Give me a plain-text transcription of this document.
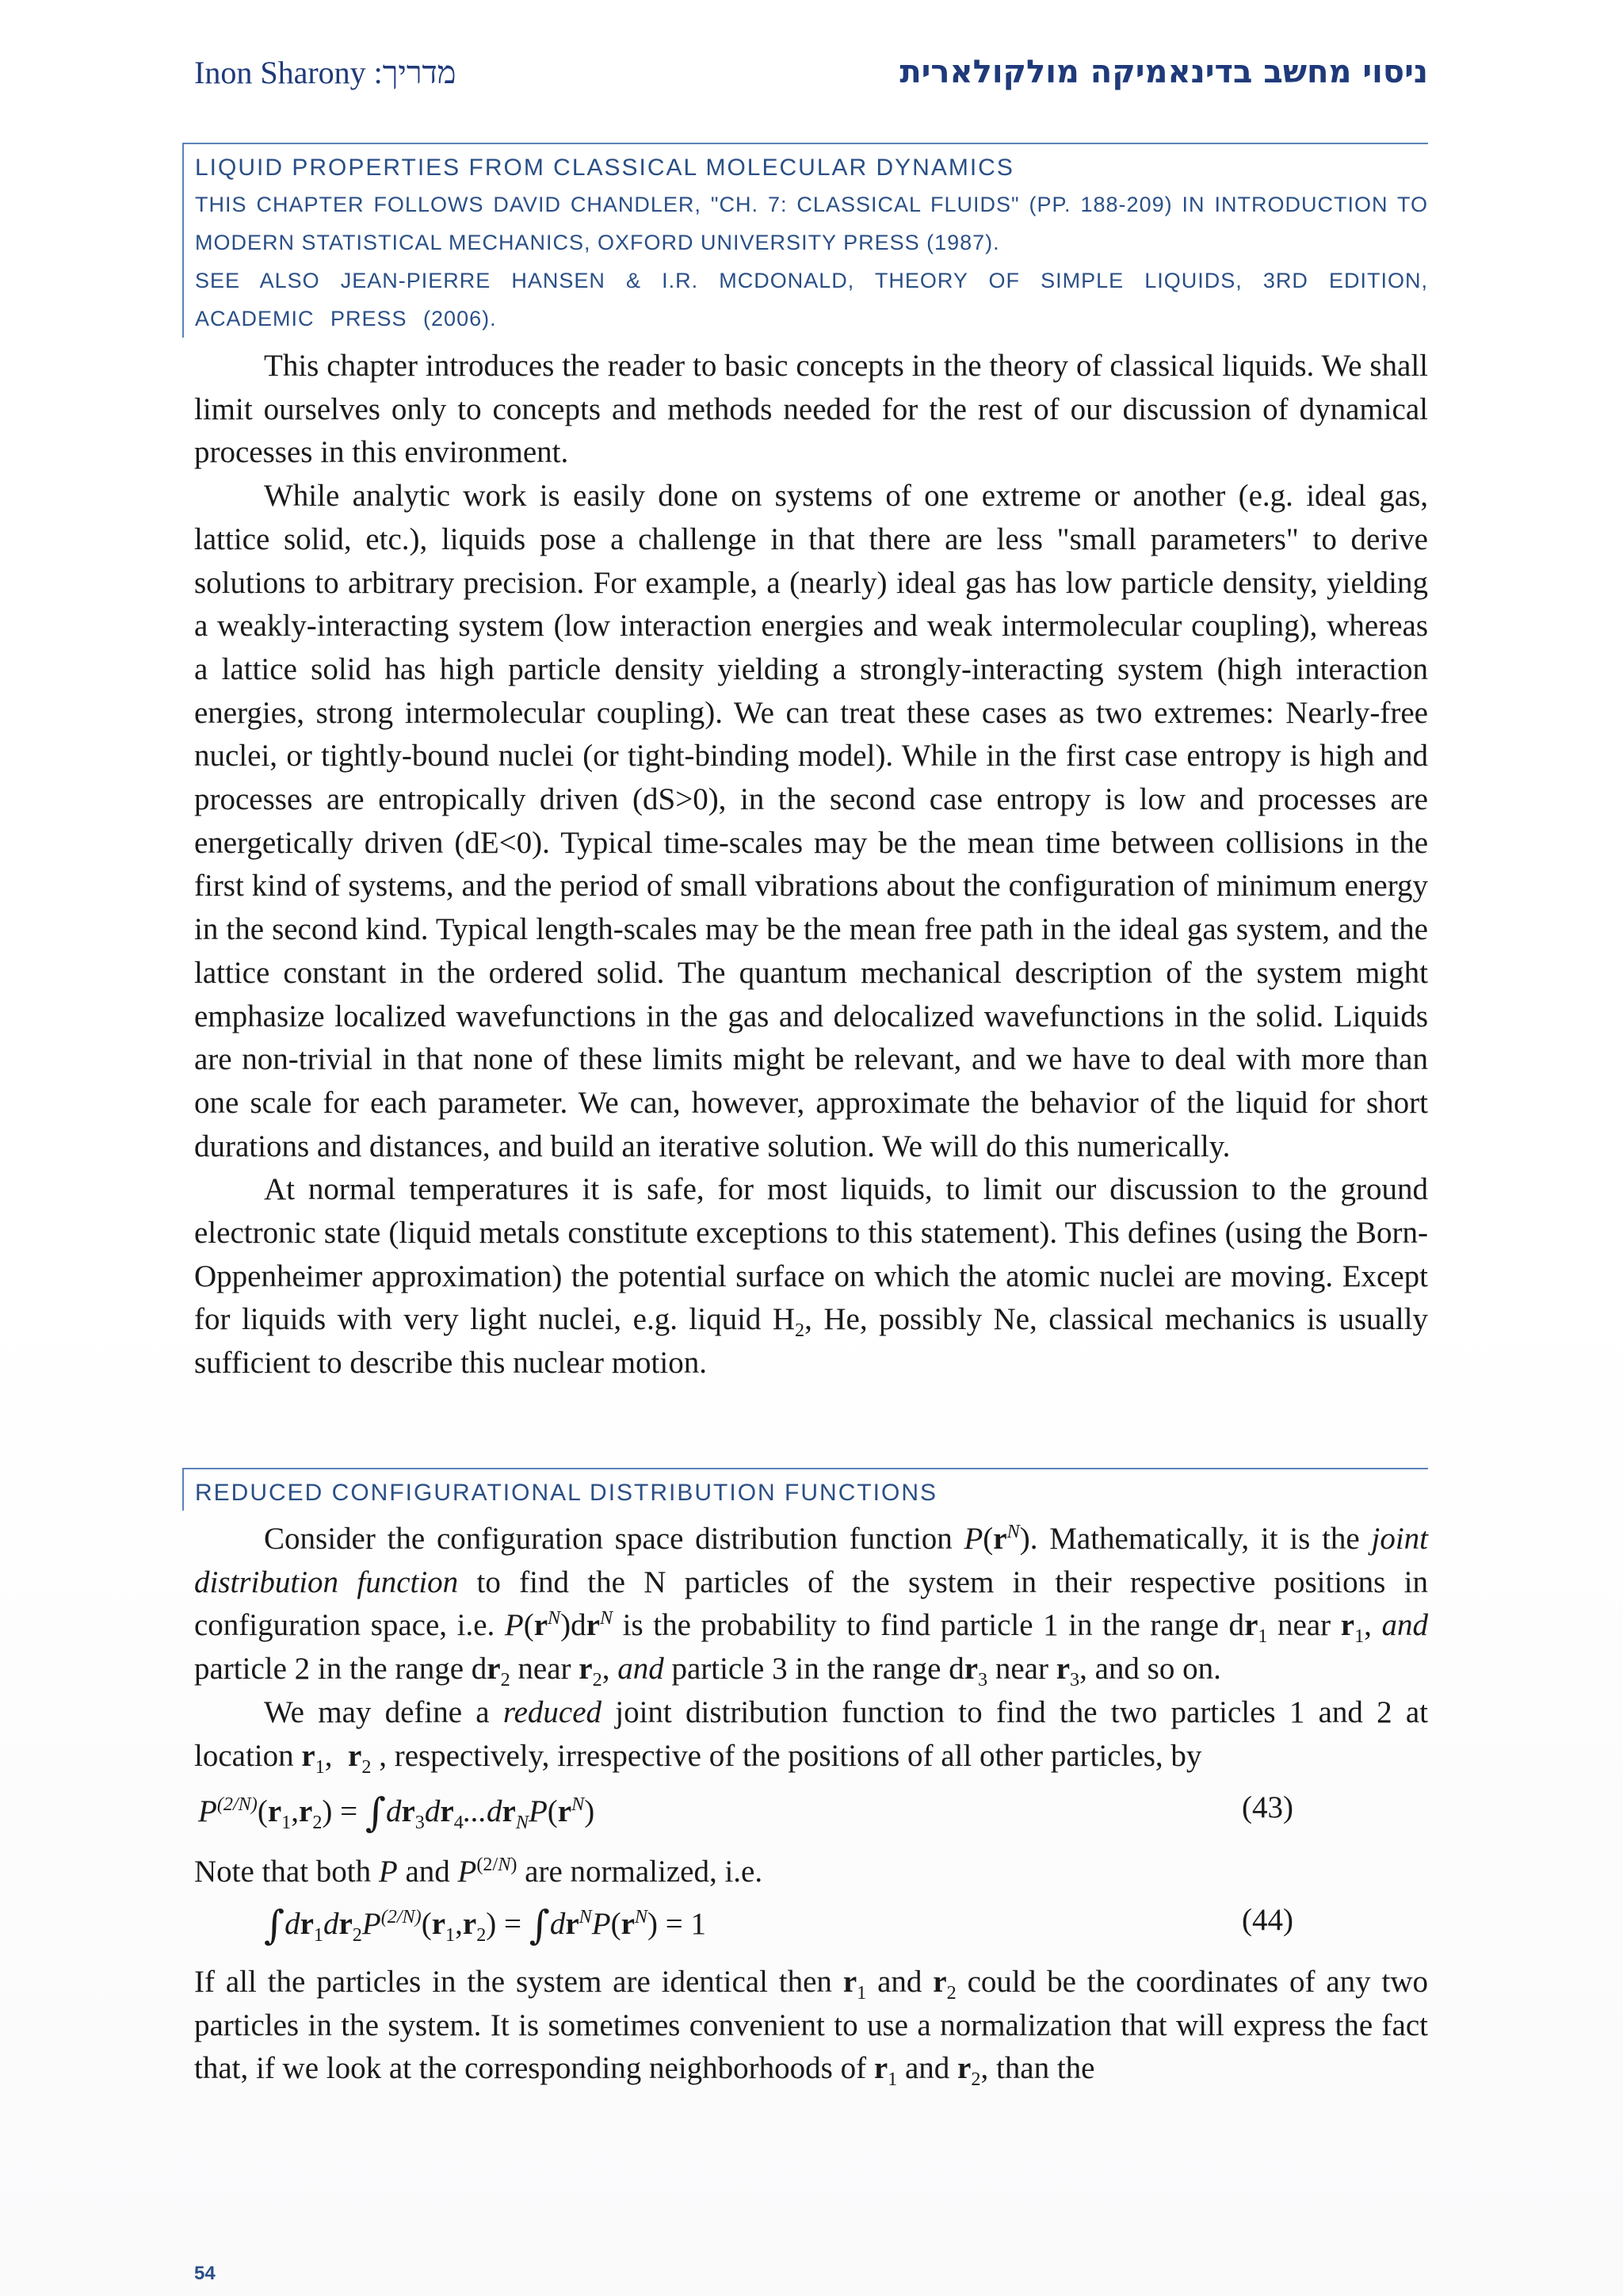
Inon Sharony :מדריך	ניסוי מחשב בדינאמיקה מולקולארית
LIQUID PROPERTIES FROM CLASSICAL MOLECULAR DYNAMICS
THIS CHAPTER FOLLOWS DAVID CHANDLER, "CH. 7: CLASSICAL FLUIDS" (PP. 188-209) IN INTRODUCTION TO MODERN STATISTICAL MECHANICS, OXFORD UNIVERSITY PRESS (1987).
SEE ALSO JEAN-PIERRE HANSEN & I.R. MCDONALD, THEORY OF SIMPLE LIQUIDS, 3RD EDITION, ACADEMIC PRESS (2006).

This chapter introduces the reader to basic concepts in the theory of classical liquids. We shall limit ourselves only to concepts and methods needed for the rest of our discussion of dynamical processes in this environment.

While analytic work is easily done on systems of one extreme or another (e.g. ideal gas, lattice solid, etc.), liquids pose a challenge in that there are less "small parameters" to derive solutions to arbitrary precision. For example, a (nearly) ideal gas has low particle density, yielding a weakly-interacting system (low interaction energies and weak intermolecular coupling), whereas a lattice solid has high particle density yielding a strongly-interacting system (high interaction energies, strong intermolecular coupling). We can treat these cases as two extremes: Nearly-free nuclei, or tightly-bound nuclei (or tight-binding model). While in the first case entropy is high and processes are entropically driven (dS>0), in the second case entropy is low and processes are energetically driven (dE<0). Typical time-scales may be the mean time between collisions in the first kind of systems, and the period of small vibrations about the configuration of minimum energy in the second kind. Typical length-scales may be the mean free path in the ideal gas system, and the lattice constant in the ordered solid. The quantum mechanical description of the system might emphasize localized wavefunctions in the gas and delocalized wavefunctions in the solid. Liquids are non-trivial in that none of these limits might be relevant, and we have to deal with more than one scale for each parameter. We can, however, approximate the behavior of the liquid for short durations and distances, and build an iterative solution. We will do this numerically.

At normal temperatures it is safe, for most liquids, to limit our discussion to the ground electronic state (liquid metals constitute exceptions to this statement). This defines (using the Born-Oppenheimer approximation) the potential surface on which the atomic nuclei are moving. Except for liquids with very light nuclei, e.g. liquid $H_2$, He, possibly Ne, classical mechanics is usually sufficient to describe this nuclear motion.

REDUCED CONFIGURATIONAL DISTRIBUTION FUNCTIONS

Consider the configuration space distribution function $P(r^N)$. Mathematically, it is the joint distribution function to find the N particles of the system in their respective positions in configuration space, i.e. $P(r^N)dr^N$ is the probability to find particle 1 in the range $dr_1$ near $r_1$, and particle 2 in the range $dr_2$ near $r_2$, and particle 3 in the range $dr_3$ near $r_3$, and so on.

We may define a reduced joint distribution function to find the two particles 1 and 2 at location $r_1$,  $r_2$ , respectively, irrespective of the positions of all other particles, by

$P^{(2/N)}(r_1,r_2) = \int dr_3dr_4...dr_NP(r^N)$	(43)

Note that both P and $P^{(2/N)}$ are normalized, i.e.

$\int dr_1dr_2P^{(2/N)}(r_1,r_2) = \int dr^NP(r^N) = 1$	(44)

If all the particles in the system are identical then $r_1$ and $r_2$ could be the coordinates of any two particles in the system. It is sometimes convenient to use a normalization that will express the fact that, if we look at the corresponding neighborhoods of $r_1$ and $r_2$, than the

54
